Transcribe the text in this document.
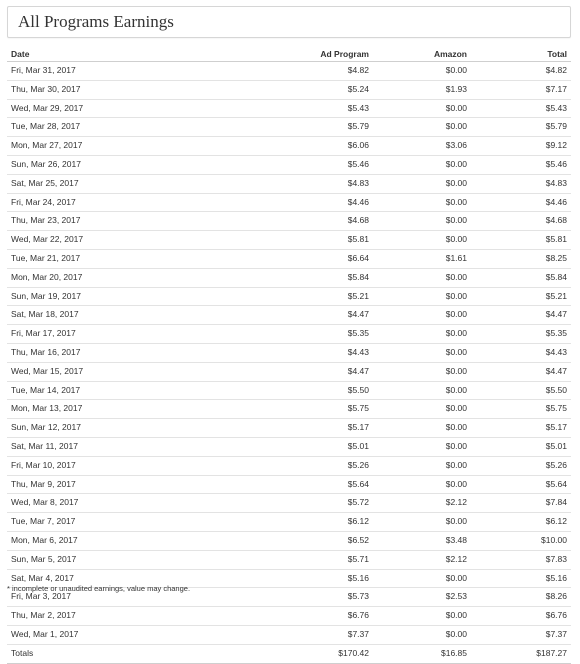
All Programs Earnings
Date	Ad Program	Amazon	Total
Fri, Mar 31, 2017	$4.82	$0.00	$4.82
Thu, Mar 30, 2017	$5.24	$1.93	$7.17
Wed, Mar 29, 2017	$5.43	$0.00	$5.43
Tue, Mar 28, 2017	$5.79	$0.00	$5.79
Mon, Mar 27, 2017	$6.06	$3.06	$9.12
Sun, Mar 26, 2017	$5.46	$0.00	$5.46
Sat, Mar 25, 2017	$4.83	$0.00	$4.83
Fri, Mar 24, 2017	$4.46	$0.00	$4.46
Thu, Mar 23, 2017	$4.68	$0.00	$4.68
Wed, Mar 22, 2017	$5.81	$0.00	$5.81
Tue, Mar 21, 2017	$6.64	$1.61	$8.25
Mon, Mar 20, 2017	$5.84	$0.00	$5.84
Sun, Mar 19, 2017	$5.21	$0.00	$5.21
Sat, Mar 18, 2017	$4.47	$0.00	$4.47
Fri, Mar 17, 2017	$5.35	$0.00	$5.35
Thu, Mar 16, 2017	$4.43	$0.00	$4.43
Wed, Mar 15, 2017	$4.47	$0.00	$4.47
Tue, Mar 14, 2017	$5.50	$0.00	$5.50
Mon, Mar 13, 2017	$5.75	$0.00	$5.75
Sun, Mar 12, 2017	$5.17	$0.00	$5.17
Sat, Mar 11, 2017	$5.01	$0.00	$5.01
Fri, Mar 10, 2017	$5.26	$0.00	$5.26
Thu, Mar 9, 2017	$5.64	$0.00	$5.64
Wed, Mar 8, 2017	$5.72	$2.12	$7.84
Tue, Mar 7, 2017	$6.12	$0.00	$6.12
Mon, Mar 6, 2017	$6.52	$3.48	$10.00
Sun, Mar 5, 2017	$5.71	$2.12	$7.83
Sat, Mar 4, 2017	$5.16	$0.00	$5.16
Fri, Mar 3, 2017	$5.73	$2.53	$8.26
Thu, Mar 2, 2017	$6.76	$0.00	$6.76
Wed, Mar 1, 2017	$7.37	$0.00	$7.37
Totals	$170.42	$16.85	$187.27
* incomplete or unaudited earnings, value may change.
